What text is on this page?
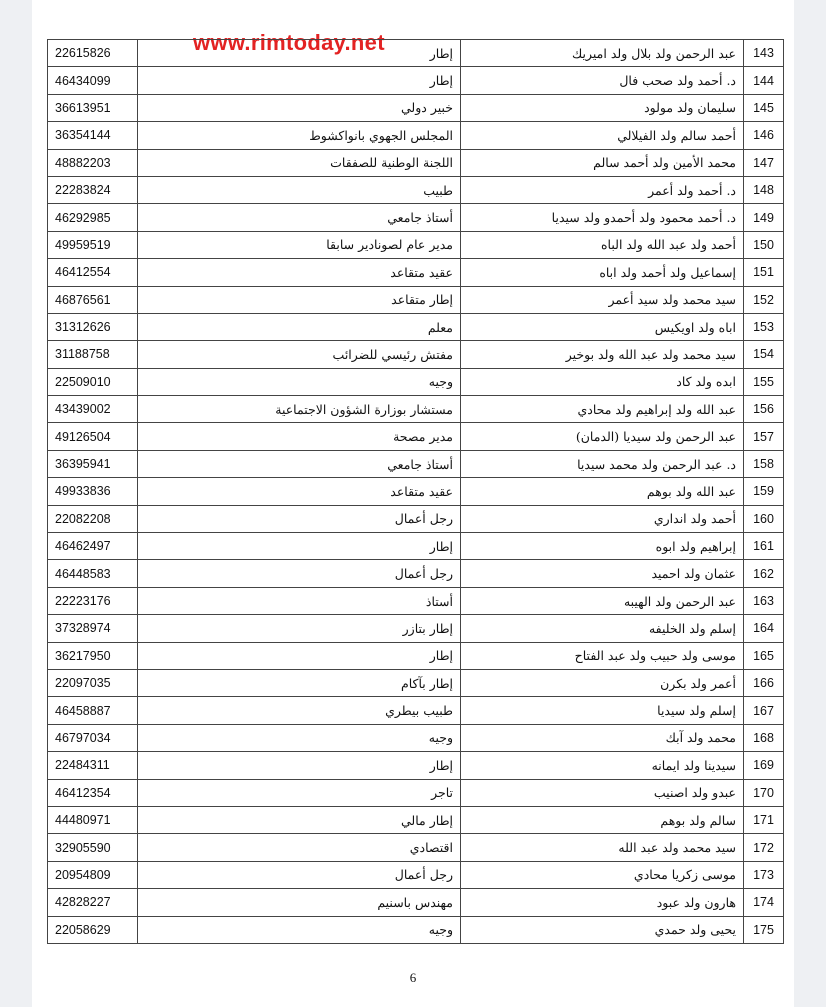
www.rimtoday.net
22615826	إطار	عبد الرحمن ولد بلال ولد اميريك	143
46434099	إطار	د. أحمد ولد صحب فال	144
36613951	خبير دولي	سليمان ولد مولود	145
36354144	المجلس الجهوي بانواكشوط	أحمد سالم ولد الفيلالي	146
48882203	اللجنة الوطنية للصفقات	محمد الأمين ولد أحمد سالم	147
22283824	طبيب	د. أحمد ولد أعمر	148
46292985	أستاذ جامعي	د. أحمد محمود ولد أحمدو ولد سيديا	149
49959519	مدير عام لصونادير سابقا	أحمد ولد عبد الله ولد الباه	150
46412554	عقيد متقاعد	إسماعيل ولد أحمد ولد اباه	151
46876561	إطار متقاعد	سيد محمد ولد سيد أعمر	152
31312626	معلم	اباه ولد اويكيس	153
31188758	مفتش رئيسي للضرائب	سيد محمد ولد عبد الله ولد بوخير	154
22509010	وجيه	ابده ولد كاد	155
43439002	مستشار بوزارة الشؤون الاجتماعية	عبد الله ولد إبراهيم ولد محادي	156
49126504	مدير مصحة	عبد الرحمن ولد سيديا (الدمان)	157
36395941	أستاذ جامعي	د. عبد الرحمن ولد محمد سيديا	158
49933836	عقيد متقاعد	عبد الله ولد بوهم	159
22082208	رجل أعمال	أحمد ولد انداري	160
46462497	إطار	إبراهيم ولد ابوه	161
46448583	رجل أعمال	عثمان ولد احميد	162
22223176	أستاذ	عبد الرحمن ولد الهيبه	163
37328974	إطار بتازر	إسلم ولد الخليفه	164
36217950	إطار	موسى ولد حبيب ولد عبد الفتاح	165
22097035	إطار بآكام	أعمر ولد بكرن	166
46458887	طبيب بيطري	إسلم ولد سيديا	167
46797034	وجيه	محمد ولد آبك	168
22484311	إطار	سيدينا ولد ايمانه	169
46412354	تاجر	عبدو ولد اصنيب	170
44480971	إطار مالي	سالم ولد بوهم	171
32905590	اقتصادي	سيد محمد ولد عبد الله	172
20954809	رجل أعمال	موسى زكريا محادي	173
42828227	مهندس باسنيم	هارون ولد عبود	174
22058629	وجيه	يحيى ولد حمدي	175
6
